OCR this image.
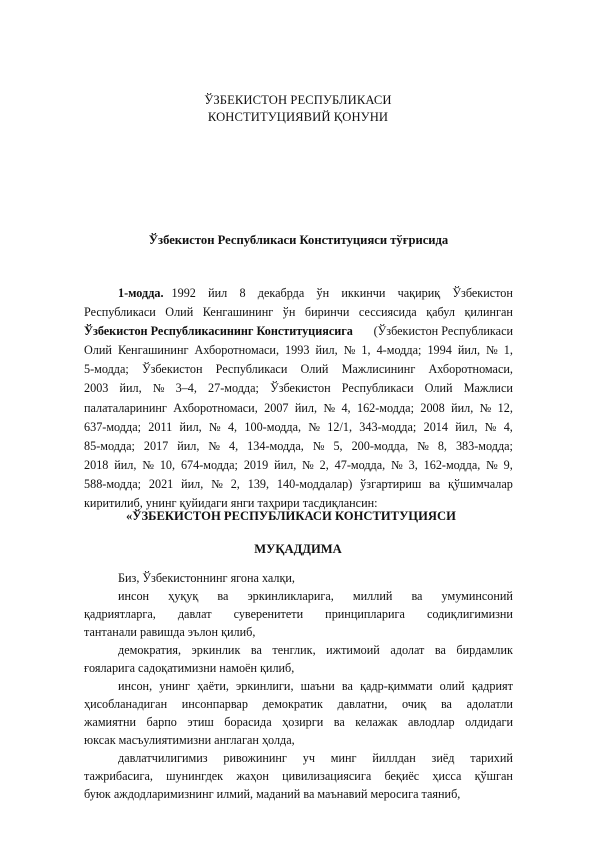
ЎЗБЕКИСТОН РЕСПУБЛИКАСИ
КОНСТИТУЦИЯВИЙ ҚОНУНИ
Ўзбекистон Республикаси Конституцияси тўғрисида
1-модда. 1992 йил 8 декабрда ўн иккинчи чақириқ Ўзбекистон
Республикаси Олий Кенгашининг ўн биринчи сессиясида қабул қилинган
Ўзбекистон Республикасининг Конституциясига (Ўзбекистон Республикаси
Олий Кенгашининг Ахборотномаси, 1993 йил, № 1, 4-модда; 1994 йил, № 1,
5-модда; Ўзбекистон Республикаси Олий Мажлисининг Ахборотномаси,
2003 йил, № 3–4, 27-модда; Ўзбекистон Республикаси Олий Мажлиси
палаталарининг Ахборотномаси, 2007 йил, № 4, 162-модда; 2008 йил, № 12,
637-модда; 2011 йил, № 4, 100-модда, № 12/1, 343-модда; 2014 йил, № 4,
85-модда; 2017 йил, № 4, 134-модда, № 5, 200-модда, № 8, 383-модда;
2018 йил, № 10, 674-модда; 2019 йил, № 2, 47-модда, № 3, 162-модда, № 9,
588-модда; 2021 йил, № 2, 139, 140-моддалар) ўзгартириш ва қўшимчалар
киритилиб, унинг қуйидаги янги таҳрири тасдиқлансин:
«ЎЗБЕКИСТОН РЕСПУБЛИКАСИ КОНСТИТУЦИЯСИ
МУҚАДДИМА
Биз, Ўзбекистоннинг ягона халқи,
инсон ҳуқуқ ва эркинликларига, миллий ва умуминсоний
қадриятларга, давлат суверенитети принципларига содиқлигимизни
тантанали равишда эълон қилиб,
демократия, эркинлик ва тенглик, ижтимоий адолат ва бирдамлик
ғояларига садоқатимизни намоён қилиб,
инсон, унинг ҳаёти, эркинлиги, шаъни ва қадр-қиммати олий қадрият
ҳисобланадиган инсонпарвар демократик давлатни, очиқ ва адолатли
жамиятни барпо этиш борасида ҳозирги ва келажак авлодлар олдидаги
юксак масъулиятимизни англаган ҳолда,
давлатчилигимиз ривожининг уч минг йиллдан зиёд тарихий
тажрибасига, шунингдек жаҳон цивилизациясига беқиёс ҳисса қўшган
буюк аждодларимизнинг илмий, маданий ва маънавий меросига таяниб,
